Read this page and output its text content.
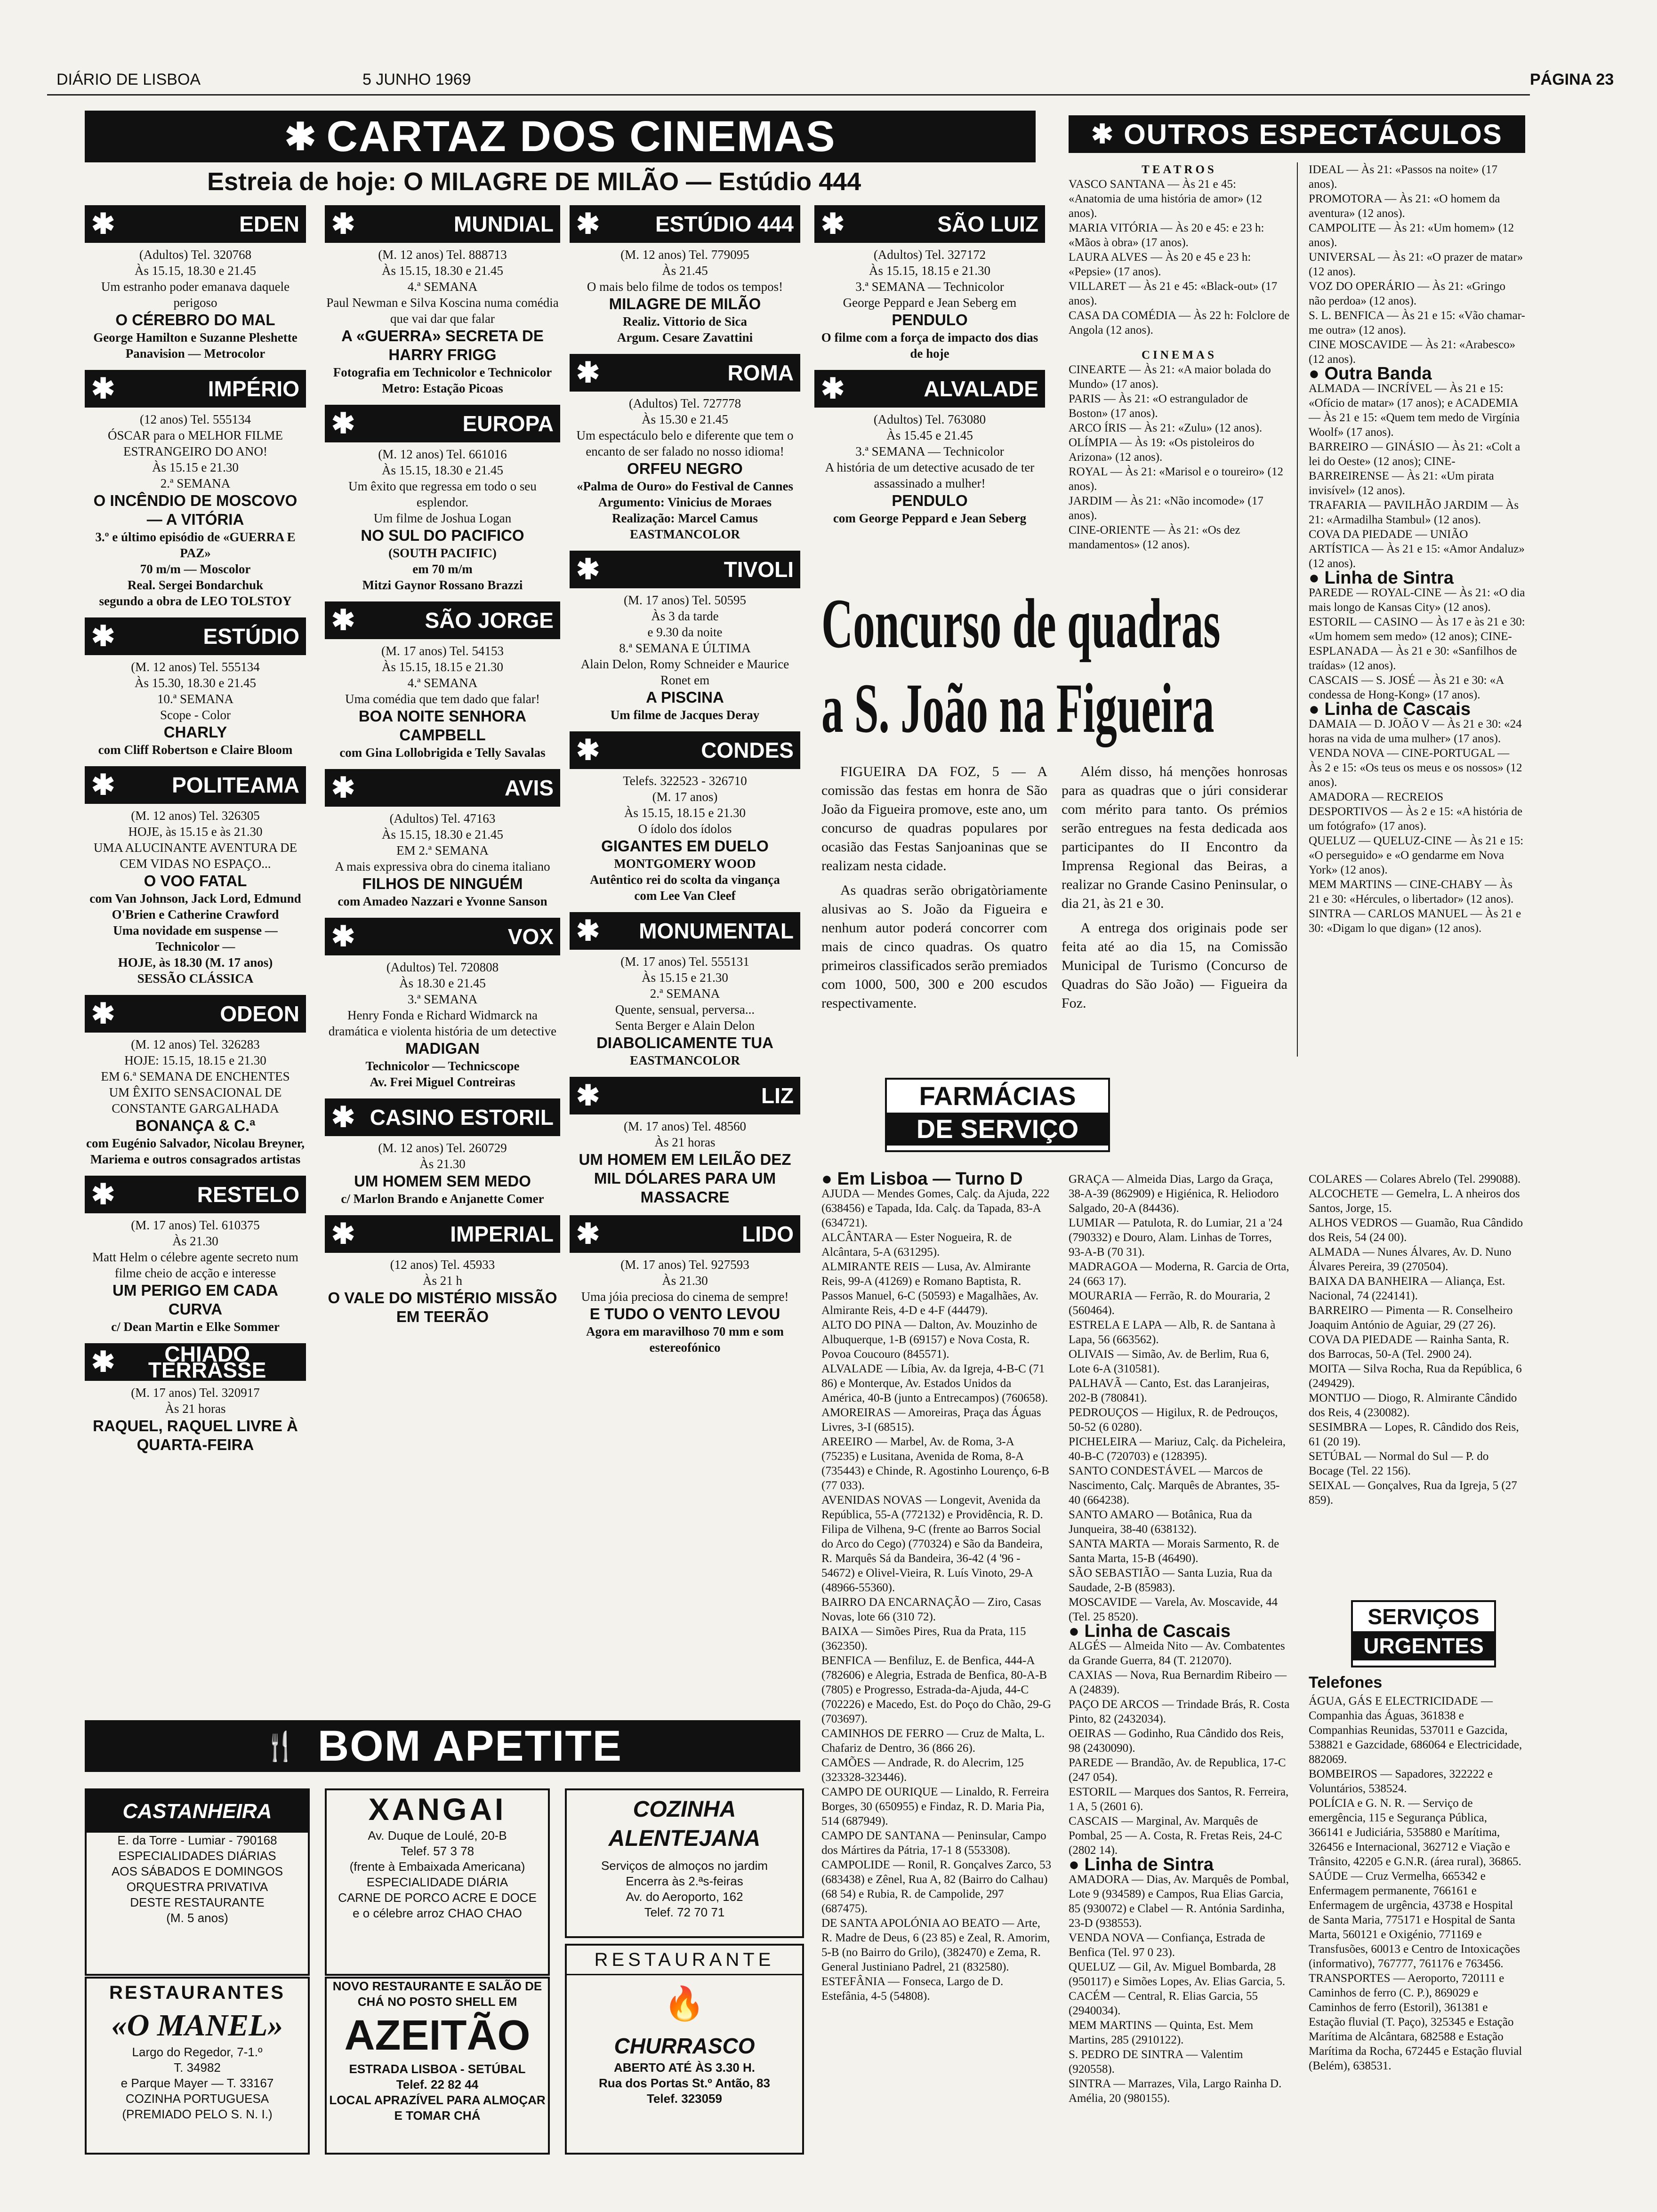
DIÁRIO DE LISBOA	5 JUNHO 1969	PÁGINA 23
✱ CARTAZ DOS CINEMAS
Estreia de hoje: O MILAGRE DE MILÃO — Estúdio 444
✱	EDEN

(Adultos) Tel. 320768

Às 15.15, 18.30 e 21.45

Um estranho poder emanava daquele perigoso

O CÉREBRO DO MAL

George Hamilton e Suzanne Pleshette

Panavision — Metrocolor

✱	IMPÉRIO

(12 anos) Tel. 555134

ÓSCAR para o MELHOR FILME ESTRANGEIRO DO ANO!

Às 15.15 e 21.30

2.ª SEMANA

O INCÊNDIO DE MOSCOVO — A VITÓRIA

3.º e último episódio de «GUERRA E PAZ»

70 m/m — Moscolor

Real. Sergei Bondarchuk

segundo a obra de LEO TOLSTOY

✱	ESTÚDIO

(M. 12 anos) Tel. 555134

Às 15.30, 18.30 e 21.45

10.ª SEMANA

Scope - Color

CHARLY

com Cliff Robertson e Claire Bloom

✱	POLITEAMA

(M. 12 anos) Tel. 326305

HOJE, às 15.15 e às 21.30

UMA ALUCINANTE AVENTURA DE CEM VIDAS NO ESPAÇO...

O VOO FATAL

com Van Johnson, Jack Lord, Edmund O'Brien e Catherine Crawford

Uma novidade em suspense — Technicolor —

HOJE, às 18.30 (M. 17 anos)

SESSÃO CLÁSSICA

✱	ODEON

(M. 12 anos) Tel. 326283

HOJE: 15.15, 18.15 e 21.30

EM 6.ª SEMANA DE ENCHENTES

UM ÊXITO SENSACIONAL DE CONSTANTE GARGALHADA

BONANÇA & C.ª

com Eugénio Salvador, Nicolau Breyner, Mariema e outros consagrados artistas

✱	RESTELO

(M. 17 anos) Tel. 610375

Às 21.30

Matt Helm o célebre agente secreto num filme cheio de acção e interesse

UM PERIGO EM CADA CURVA

c/ Dean Martin e Elke Sommer

✱	CHIADO TERRASSE

(M. 17 anos) Tel. 320917

Às 21 horas

RAQUEL, RAQUEL LIVRE À QUARTA-FEIRA

✱	MUNDIAL

(M. 12 anos) Tel. 888713

Às 15.15, 18.30 e 21.45

4.ª SEMANA

Paul Newman e Silva Koscina numa comédia que vai dar que falar

A «GUERRA» SECRETA DE HARRY FRIGG

Fotografia em Technicolor e Technicolor

Metro: Estação Picoas

✱	EUROPA

(M. 12 anos) Tel. 661016

Às 15.15, 18.30 e 21.45

Um êxito que regressa em todo o seu esplendor.

Um filme de Joshua Logan

NO SUL DO PACIFICO

(SOUTH PACIFIC)

em 70 m/m

Mitzi Gaynor Rossano Brazzi

✱	SÃO JORGE

(M. 17 anos) Tel. 54153

Às 15.15, 18.15 e 21.30

4.ª SEMANA

Uma comédia que tem dado que falar!

BOA NOITE SENHORA CAMPBELL

com Gina Lollobrigida e Telly Savalas

✱	AVIS

(Adultos) Tel. 47163

Às 15.15, 18.30 e 21.45

EM 2.ª SEMANA

A mais expressiva obra do cinema italiano

FILHOS DE NINGUÉM

com Amadeo Nazzari e Yvonne Sanson

✱	VOX

(Adultos) Tel. 720808

Às 18.30 e 21.45

3.ª SEMANA

Henry Fonda e Richard Widmarck na dramática e violenta história de um detective

MADIGAN

Technicolor — Technicscope

Av. Frei Miguel Contreiras

✱ CASINO ESTORIL

(M. 12 anos) Tel. 260729

Às 21.30

UM HOMEM SEM MEDO

c/ Marlon Brando e Anjanette Comer

✱	IMPERIAL

(12 anos) Tel. 45933

Às 21 h

O VALE DO MISTÉRIO MISSÃO EM TEERÃO

✱	ESTÚDIO 444

(M. 12 anos) Tel. 779095

Às 21.45

O mais belo filme de todos os tempos!

MILAGRE DE MILÃO

Realiz. Vittorio de Sica

Argum. Cesare Zavattini

✱	ROMA

(Adultos) Tel. 727778

Às 15.30 e 21.45

Um espectáculo belo e diferente que tem o encanto de ser falado no nosso idioma!

ORFEU NEGRO

«Palma de Ouro» do Festival de Cannes

Argumento: Vinicius de Moraes

Realização: Marcel Camus

EASTMANCOLOR

✱	TIVOLI

(M. 17 anos) Tel. 50595

Às 3 da tarde

e 9.30 da noite

8.ª SEMANA E ÚLTIMA

Alain Delon, Romy Schneider e Maurice Ronet em

A PISCINA

Um filme de Jacques Deray

✱	CONDES

Telefs. 322523 - 326710

(M. 17 anos)

Às 15.15, 18.15 e 21.30

O ídolo dos ídolos

GIGANTES EM DUELO

MONTGOMERY WOOD

Autêntico rei do scolta da vingança

com Lee Van Cleef

✱ MONUMENTAL

(M. 17 anos) Tel. 555131

Às 15.15 e 21.30

2.ª SEMANA

Quente, sensual, perversa...

Senta Berger e Alain Delon

DIABOLICAMENTE TUA

EASTMANCOLOR

✱	LIZ

(M. 17 anos) Tel. 48560

Às 21 horas

UM HOMEM EM LEILÃO DEZ MIL DÓLARES PARA UM MASSACRE

✱	LIDO

(M. 17 anos) Tel. 927593

Às 21.30

Uma jóia preciosa do cinema de sempre!

E TUDO O VENTO LEVOU

Agora em maravilhoso 70 mm e som estereofónico

✱	SÃO LUIZ

(Adultos) Tel. 327172

Às 15.15, 18.15 e 21.30

3.ª SEMANA — Technicolor

George Peppard e Jean Seberg em

PENDULO

O filme com a força de impacto dos dias de hoje

✱	ALVALADE

(Adultos) Tel. 763080

Às 15.45 e 21.45

3.ª SEMANA — Technicolor

A história de um detective acusado de ter assassinado a mulher!

PENDULO

com George Peppard e Jean Seberg

✱ OUTROS ESPECTÁCULOS

TEATROS

VASCO SANTANA — Às 21 e 45: «Anatomia de uma história de amor» (12 anos).

MARIA VITÓRIA — Às 20 e 45: e 23 h: «Mãos à obra» (17 anos).

LAURA ALVES — Às 20 e 45 e 23 h: «Pepsie» (17 anos).

VILLARET — Às 21 e 45: «Black-out» (17 anos).

CASA DA COMÉDIA — Às 22 h: Folclore de Angola (12 anos).

CINEMAS

CINEARTE — Às 21: «A maior bolada do Mundo» (17 anos).

PARIS — Às 21: «O estrangulador de Boston» (17 anos).

ARCO ÍRIS — Às 21: «Zulu» (12 anos).

OLÍMPIA — Às 19: «Os pistoleiros do Arizona» (12 anos).

ROYAL — Às 21: «Marisol e o toureiro» (12 anos).

JARDIM — Às 21: «Não incomode» (17 anos).

CINE-ORIENTE — Às 21: «Os dez mandamentos» (12 anos).

IDEAL — Às 21: «Passos na noite» (17 anos).

PROMOTORA — Às 21: «O homem da aventura» (12 anos).

CAMPOLITE — Às 21: «Um homem» (12 anos).

UNIVERSAL — Às 21: «O prazer de matar» (12 anos).

VOZ DO OPERÁRIO — Às 21: «Gringo não perdoa» (12 anos).

S. L. BENFICA — Às 21 e 15: «Vão chamar-me outra» (12 anos).

CINE MOSCAVIDE — Às 21: «Arabesco» (12 anos).

● Outra Banda

ALMADA — INCRÍVEL — Às 21 e 15: «Ofício de matar» (17 anos); e ACADEMIA — Às 21 e 15: «Quem tem medo de Virgínia Woolf» (17 anos).

BARREIRO — GINÁSIO — Às 21: «Colt a lei do Oeste» (12 anos); CINE-BARREIRENSE — Às 21: «Um pirata invisível» (12 anos).

TRAFARIA — PAVILHÃO JARDIM — Às 21: «Armadilha Stambul» (12 anos).

COVA DA PIEDADE — UNIÃO ARTÍSTICA — Às 21 e 15: «Amor Andaluz» (12 anos).

● Linha de Sintra

PAREDE — ROYAL-CINE — Às 21: «O dia mais longo de Kansas City» (12 anos).

ESTORIL — CASINO — Às 17 e às 21 e 30: «Um homem sem medo» (12 anos); CINE-ESPLANADA — Às 21 e 30: «Sanfilhos de traídas» (12 anos).

CASCAIS — S. JOSÉ — Às 21 e 30: «A condessa de Hong-Kong» (17 anos).

● Linha de Cascais

DAMAIA — D. JOÃO V — Às 21 e 30: «24 horas na vida de uma mulher» (17 anos).

VENDA NOVA — CINE-PORTUGAL — Às 2 e 15: «Os teus os meus e os nossos» (12 anos).

AMADORA — RECREIOS DESPORTIVOS — Às 2 e 15: «A história de um fotógrafo» (17 anos).

QUELUZ — QUELUZ-CINE — Às 21 e 15: «O perseguido» e «O gendarme em Nova York» (12 anos).

MEM MARTINS — CINE-CHABY — Às 21 e 30: «Hércules, o libertador» (12 anos).

SINTRA — CARLOS MANUEL — Às 21 e 30: «Digam lo que digan» (12 anos).

Concurso de quadras
a S. João na Figueira

FIGUEIRA DA FOZ, 5 — A comissão das festas em honra de São João da Figueira promove, este ano, um concurso de quadras populares por ocasião das Festas Sanjoaninas que se realizam nesta cidade.

As quadras serão obrigatòriamente alusivas ao S. João da Figueira e nenhum autor poderá concorrer com mais de cinco quadras. Os quatro primeiros classificados serão premiados com 1000, 500, 300 e 200 escudos respectivamente.

Além disso, há menções honrosas para as quadras que o júri considerar com mérito para tanto. Os prémios serão entregues na festa dedicada aos participantes do II Encontro da Imprensa Regional das Beiras, a realizar no Grande Casino Peninsular, o dia 21, às 21 e 30.

A entrega dos originais pode ser feita até ao dia 15, na Comissão Municipal de Turismo (Concurso de Quadras do São João) — Figueira da Foz.

FARMÁCIAS
DE SERVIÇO

● Em Lisboa — Turno D

AJUDA — Mendes Gomes, Calç. da Ajuda, 222 (638456) e Tapada, Ida. Calç. da Tapada, 83-A (634721).

ALCÂNTARA — Ester Nogueira, R. de Alcântara, 5-A (631295).

ALMIRANTE REIS — Lusa, Av. Almirante Reis, 99-A (41269) e Romano Baptista, R. Passos Manuel, 6-C (50593) e Magalhães, Av. Almirante Reis, 4-D e 4-F (44479).

ALTO DO PINA — Dalton, Av. Mouzinho de Albuquerque, 1-B (69157) e Nova Costa, R. Povoa Coucouro (845571).

ALVALADE — Líbia, Av. da Igreja, 4-B-C (71 86) e Monterque, Av. Estados Unidos da América, 40-B (junto a Entrecampos) (760658).

AMOREIRAS — Amoreiras, Praça das Águas Livres, 3-I (68515).

AREEIRO — Marbel, Av. de Roma, 3-A (75235) e Lusitana, Avenida de Roma, 8-A (735443) e Chinde, R. Agostinho Lourenço, 6-B (77 033).

AVENIDAS NOVAS — Longevit, Avenida da República, 55-A (772132) e Providência, R. D. Filipa de Vilhena, 9-C (frente ao Barros Social do Arco do Cego) (770324) e São da Bandeira, R. Marquês Sá da Bandeira, 36-42 (4 '96 - 54672) e Olivel-Vieira, R. Luís Vinoto, 29-A (48966-55360).

BAIRRO DA ENCARNAÇÃO — Ziro, Casas Novas, lote 66 (310 72).

BAIXA — Simões Pires, Rua da Prata, 115 (362350).

BENFICA — Benfiluz, E. de Benfica, 444-A (782606) e Alegria, Estrada de Benfica, 80-A-B (7805) e Progresso, Estrada-da-Ajuda, 44-C (702226) e Macedo, Est. do Poço do Chão, 29-G (703697).

CAMINHOS DE FERRO — Cruz de Malta, L. Chafariz de Dentro, 36 (866 26).

CAMÕES — Andrade, R. do Alecrim, 125 (323328-323446).

CAMPO DE OURIQUE — Linaldo, R. Ferreira Borges, 30 (650955) e Findaz, R. D. Maria Pia, 514 (687949).

CAMPO DE SANTANA — Peninsular, Campo dos Mártires da Pátria, 17-1 8 (553308).

CAMPOLIDE — Ronil, R. Gonçalves Zarco, 53 (683438) e Zênel, Rua A, 82 (Bairro do Calhau) (68 54) e Rubia, R. de Campolide, 297 (687475).

DE SANTA APOLÓNIA AO BEATO — Arte, R. Madre de Deus, 6 (23 85) e Zeal, R. Amorim, 5-B (no Bairro do Grilo), (382470) e Zema, R. General Justiniano Padrel, 21 (832580).

ESTEFÂNIA — Fonseca, Largo de D. Estefânia, 4-5 (54808).

GRAÇA — Almeida Dias, Largo da Graça, 38-A-39 (862909) e Higiénica, R. Heliodoro Salgado, 20-A (84436).

LUMIAR — Patulota, R. do Lumiar, 21 a '24 (790332) e Douro, Alam. Linhas de Torres, 93-A-B (70 31).

MADRAGOA — Moderna, R. Garcia de Orta, 24 (663 17).

MOURARIA — Ferrão, R. do Mouraria, 2 (560464).

ESTRELA E LAPA — Alb, R. de Santana à Lapa, 56 (663562).

OLIVAIS — Simão, Av. de Berlim, Rua 6, Lote 6-A (310581).

PALHAVÃ — Canto, Est. das Laranjeiras, 202-B (780841).

PEDROUÇOS — Higilux, R. de Pedrouços, 50-52 (6 0280).

PICHELEIRA — Mariuz, Calç. da Picheleira, 40-B-C (720703) e (128395).

SANTO CONDESTÁVEL — Marcos de Nascimento, Calç. Marquês de Abrantes, 35-40 (664238).

SANTO AMARO — Botânica, Rua da Junqueira, 38-40 (638132).

SANTA MARTA — Morais Sarmento, R. de Santa Marta, 15-B (46490).

SÃO SEBASTIÃO — Santa Luzia, Rua da Saudade, 2-B (85983).

MOSCAVIDE — Varela, Av. Moscavide, 44 (Tel. 25 8520).

● Linha de Cascais

ALGÉS — Almeida Nito — Av. Combatentes da Grande Guerra, 84 (T. 212070).

CAXIAS — Nova, Rua Bernardim Ribeiro — A (24839).

PAÇO DE ARCOS — Trindade Brás, R. Costa Pinto, 82 (2432034).

OEIRAS — Godinho, Rua Cândido dos Reis, 98 (2430090).

PAREDE — Brandão, Av. de Republica, 17-C (247 054).

ESTORIL — Marques dos Santos, R. Ferreira, 1 A, 5 (2601 6).

CASCAIS — Marginal, Av. Marquês de Pombal, 25 — A. Costa, R. Fretas Reis, 24-C (2802 14).

● Linha de Sintra

AMADORA — Dias, Av. Marquês de Pombal, Lote 9 (934589) e Campos, Rua Elias Garcia, 85 (930072) e Clabel — R. Antónia Sardinha, 23-D (938553).

VENDA NOVA — Confiança, Estrada de Benfica (Tel. 97 0 23).

QUELUZ — Gil, Av. Miguel Bombarda, 28 (950117) e Simões Lopes, Av. Elias Garcia, 5.

CACÉM — Central, R. Elias Garcia, 55 (2940034).

MEM MARTINS — Quinta, Est. Mem Martins, 285 (2910122).

S. PEDRO DE SINTRA — Valentim (920558).

SINTRA — Marrazes, Vila, Largo Rainha D. Amélia, 20 (980155).

COLARES — Colares Abrelo (Tel. 299088).

ALCOCHETE — Gemelra, L. A nheiros dos Santos, Jorge, 15.

ALHOS VEDROS — Guamão, Rua Cândido dos Reis, 54 (24 00).

ALMADA — Nunes Álvares, Av. D. Nuno Álvares Pereira, 39 (270504).

BAIXA DA BANHEIRA — Aliança, Est. Nacional, 74 (224141).

BARREIRO — Pimenta — R. Conselheiro Joaquim António de Aguiar, 29 (27 26).

COVA DA PIEDADE — Rainha Santa, R. dos Barrocas, 50-A (Tel. 2900 24).

MOITA — Silva Rocha, Rua da República, 6 (249429).

MONTIJO — Diogo, R. Almirante Cândido dos Reis, 4 (230082).

SESIMBRA — Lopes, R. Cândido dos Reis, 61 (20 19).

SETÚBAL — Normal do Sul — P. do Bocage (Tel. 22 156).

SEIXAL — Gonçalves, Rua da Igreja, 5 (27 859).

SERVIÇOS
URGENTES

Telefones

ÁGUA, GÁS E ELECTRICIDADE — Companhia das Águas, 361838 e Companhias Reunidas, 537011 e Gazcida, 538821 e Gazcidade, 686064 e Electricidade, 882069.

BOMBEIROS — Sapadores, 322222 e Voluntários, 538524.

POLÍCIA e G. N. R. — Serviço de emergência, 115 e Segurança Pública, 366141 e Judiciária, 535880 e Marítima, 326456 e Internacional, 362712 e Viação e Trânsito, 42205 e G.N.R. (área rural), 36865.

SAÚDE — Cruz Vermelha, 665342 e Enfermagem permanente, 766161 e Enfermagem de urgência, 43738 e Hospital de Santa Maria, 775171 e Hospital de Santa Marta, 560121 e Oxigénio, 771169 e Transfusões, 60013 e Centro de Intoxicações (informativo), 767777, 761176 e 763456.

TRANSPORTES — Aeroporto, 720111 e Caminhos de ferro (C. P.), 869029 e Caminhos de ferro (Estoril), 361381 e Estação fluvial (T. Paço), 325345 e Estação Marítima de Alcântara, 682588 e Estação Marítima da Rocha, 672445 e Estação fluvial (Belém), 638531.

🍴 BOM APETITE
CASTANHEIRA

E. da Torre - Lumiar - 790168

ESPECIALIDADES DIÁRIAS

AOS SÁBADOS E DOMINGOS

ORQUESTRA PRIVATIVA

DESTE RESTAURANTE

(M. 5 anos)

RESTAURANTES

«O MANEL»

Largo do Regedor, 7-1.º

T. 34982

e Parque Mayer — T. 33167

COZINHA PORTUGUESA

(PREMIADO PELO S. N. I.)

XANGAI

Av. Duque de Loulé, 20-B

Telef. 57 3 78

(frente à Embaixada Americana)

ESPECIALIDADE DIÁRIA

CARNE DE PORCO ACRE E DOCE

e o célebre arroz CHAO CHAO

NOVO RESTAURANTE E SALÃO DE CHÁ NO POSTO SHELL EM

AZEITÃO

ESTRADA LISBOA - SETÚBAL

Telef. 22 82 44

LOCAL APRAZÍVEL PARA ALMOÇAR E TOMAR CHÁ

COZINHA ALENTEJANA

Serviços de almoços no jardim

Encerra às 2.ªs-feiras

Av. do Aeroporto, 162

Telef. 72 70 71

RESTAURANTE

🔥

CHURRASCO

ABERTO ATÉ ÀS 3.30 H.

Rua dos Portas St.º Antão, 83

Telef. 323059
